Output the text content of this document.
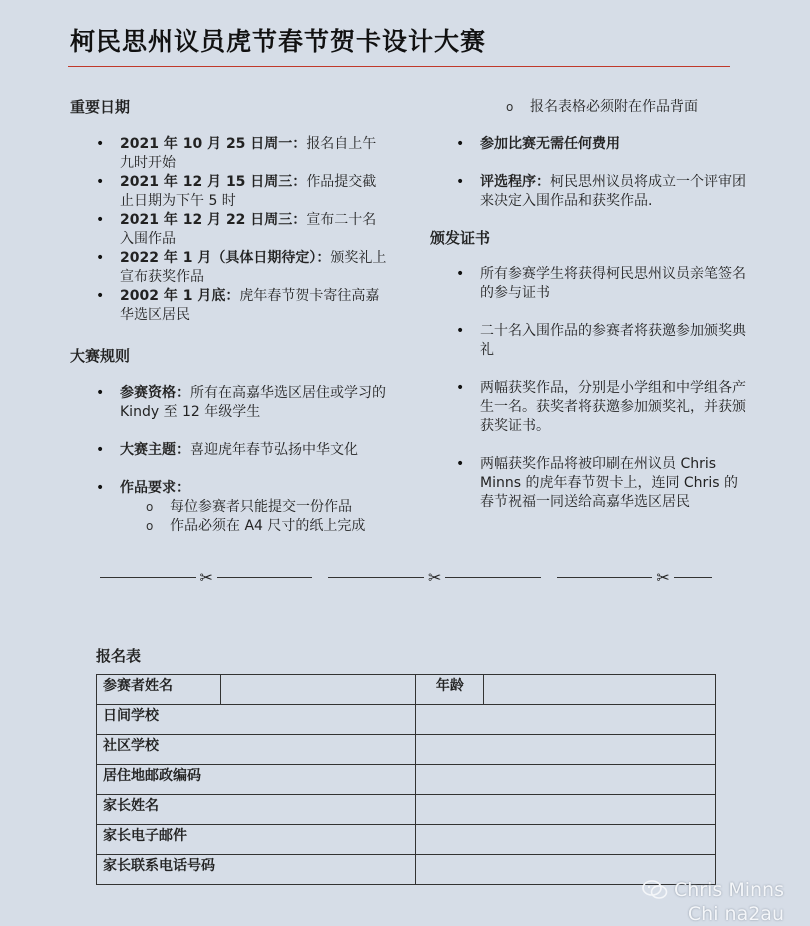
柯民思州议员虎节春节贺卡设计大赛
重要日期
• 2021 年 10 月 25 日周一：报名自上午九时开始
• 2021 年 12 月 15 日周三：作品提交截止日期为下午 5 时
• 2021 年 12 月 22 日周三：宣布二十名入围作品
• 2022 年 1 月（具体日期待定）：颁奖礼上宣布获奖作品
• 2002 年 1 月底：虎年春节贺卡寄往高嘉华选区居民
大赛规则
• 参赛资格：所有在高嘉华选区居住或学习的 Kindy 至 12 年级学生
• 大赛主题：喜迎虎年春节弘扬中华文化
• 作品要求：
o 每位参赛者只能提交一份作品
o 作品必须在 A4 尺寸的纸上完成
o 报名表格必须附在作品背面
• 参加比赛无需任何费用
• 评选程序：柯民思州议员将成立一个评审团来决定入围作品和获奖作品.
颁发证书
• 所有参赛学生将获得柯民思州议员亲笔签名的参与证书
• 二十名入围作品的参赛者将获邀参加颁奖典礼
• 两幅获奖作品，分别是小学组和中学组各产生一名。获奖者将获邀参加颁奖礼，并获颁获奖证书。
• 两幅获奖作品将被印刷在州议员 Chris Minns 的虎年春节贺卡上，连同 Chris 的春节祝福一同送给高嘉华选区居民
✂	✂	✂
报名表
参赛者姓名		年龄	
日间学校			
社区学校			
居住地邮政编码			
家长姓名			
家长电子邮件			
家长联系电话号码			
Chris Minns
Chi na2au
